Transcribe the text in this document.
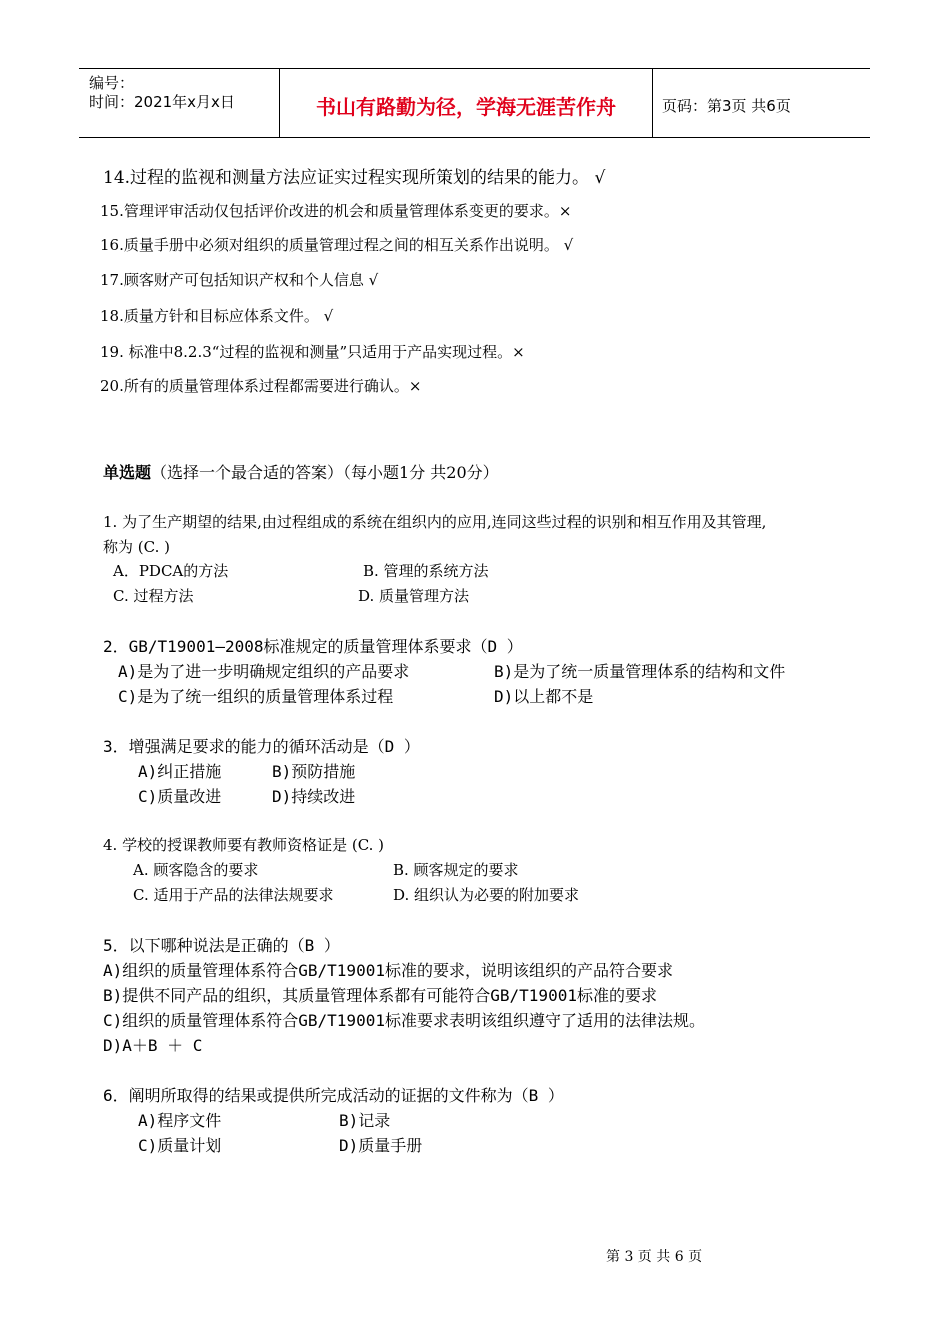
编号：
时间：2021年x月x日	书山有路勤为径，学海无涯苦作舟	页码：第3页 共6页
14.过程的监视和测量方法应证实过程实现所策划的结果的能力。 √
15.管理评审活动仅包括评价改进的机会和质量管理体系变更的要求。×
16.质量手册中必须对组织的质量管理过程之间的相互关系作出说明。 √
17.顾客财产可包括知识产权和个人信息 √
18.质量方针和目标应体系文件。 √
19. 标准中8.2.3“过程的监视和测量”只适用于产品实现过程。×
20.所有的质量管理体系过程都需要进行确认。×
单选题（选择一个最合适的答案）（每小题1分 共20分）
1. 为了生产期望的结果,由过程组成的系统在组织内的应用,连同这些过程的识别和相互作用及其管理,
称为 (C. )
A．PDCA的方法	B. 管理的系统方法
C. 过程方法	D. 质量管理方法
2．GB/T19001—2008标准规定的质量管理体系要求（D ）
A)是为了进一步明确规定组织的产品要求	B)是为了统一质量管理体系的结构和文件
C)是为了统一组织的质量管理体系过程	D)以上都不是
3．增强满足要求的能力的循环活动是（D ）
A)纠正措施	B)预防措施
C)质量改进	D)持续改进
4. 学校的授课教师要有教师资格证是 (C. )
A. 顾客隐含的要求	B. 顾客规定的要求
C. 适用于产品的法律法规要求	D. 组织认为必要的附加要求
5．以下哪种说法是正确的（B ）
A)组织的质量管理体系符合GB/T19001标准的要求，说明该组织的产品符合要求
B)提供不同产品的组织，其质量管理体系都有可能符合GB/T19001标准的要求
C)组织的质量管理体系符合GB/T19001标准要求表明该组织遵守了适用的法律法规。
D)A＋B ＋ C
6．阐明所取得的结果或提供所完成活动的证据的文件称为（B ）
A)程序文件	B)记录
C)质量计划	D)质量手册
第 3 页 共 6 页
